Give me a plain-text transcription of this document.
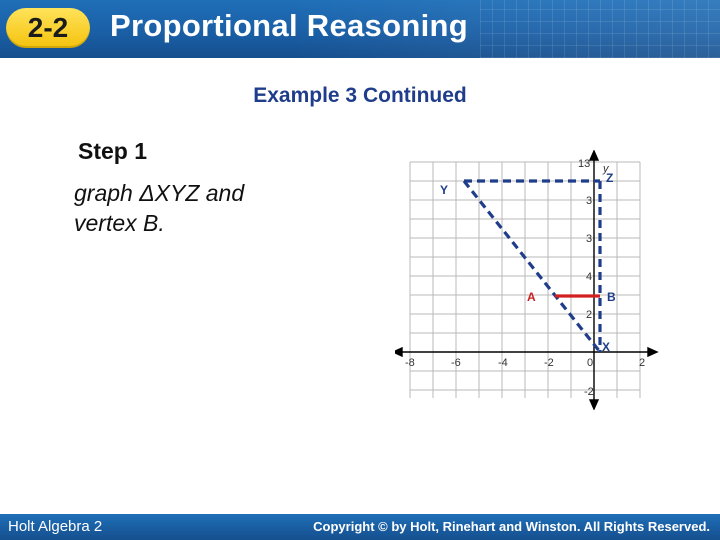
2-2	Proportional Reasoning
Example 3 Continued
Step 1
graph ΔXYZ and
vertex B.
-8	-6	-4	-2	0	2
13
3
3
4
2
-2
y
Y
Z
X
A	B
Holt Algebra 2	Copyright © by Holt, Rinehart and Winston. All Rights Reserved.
